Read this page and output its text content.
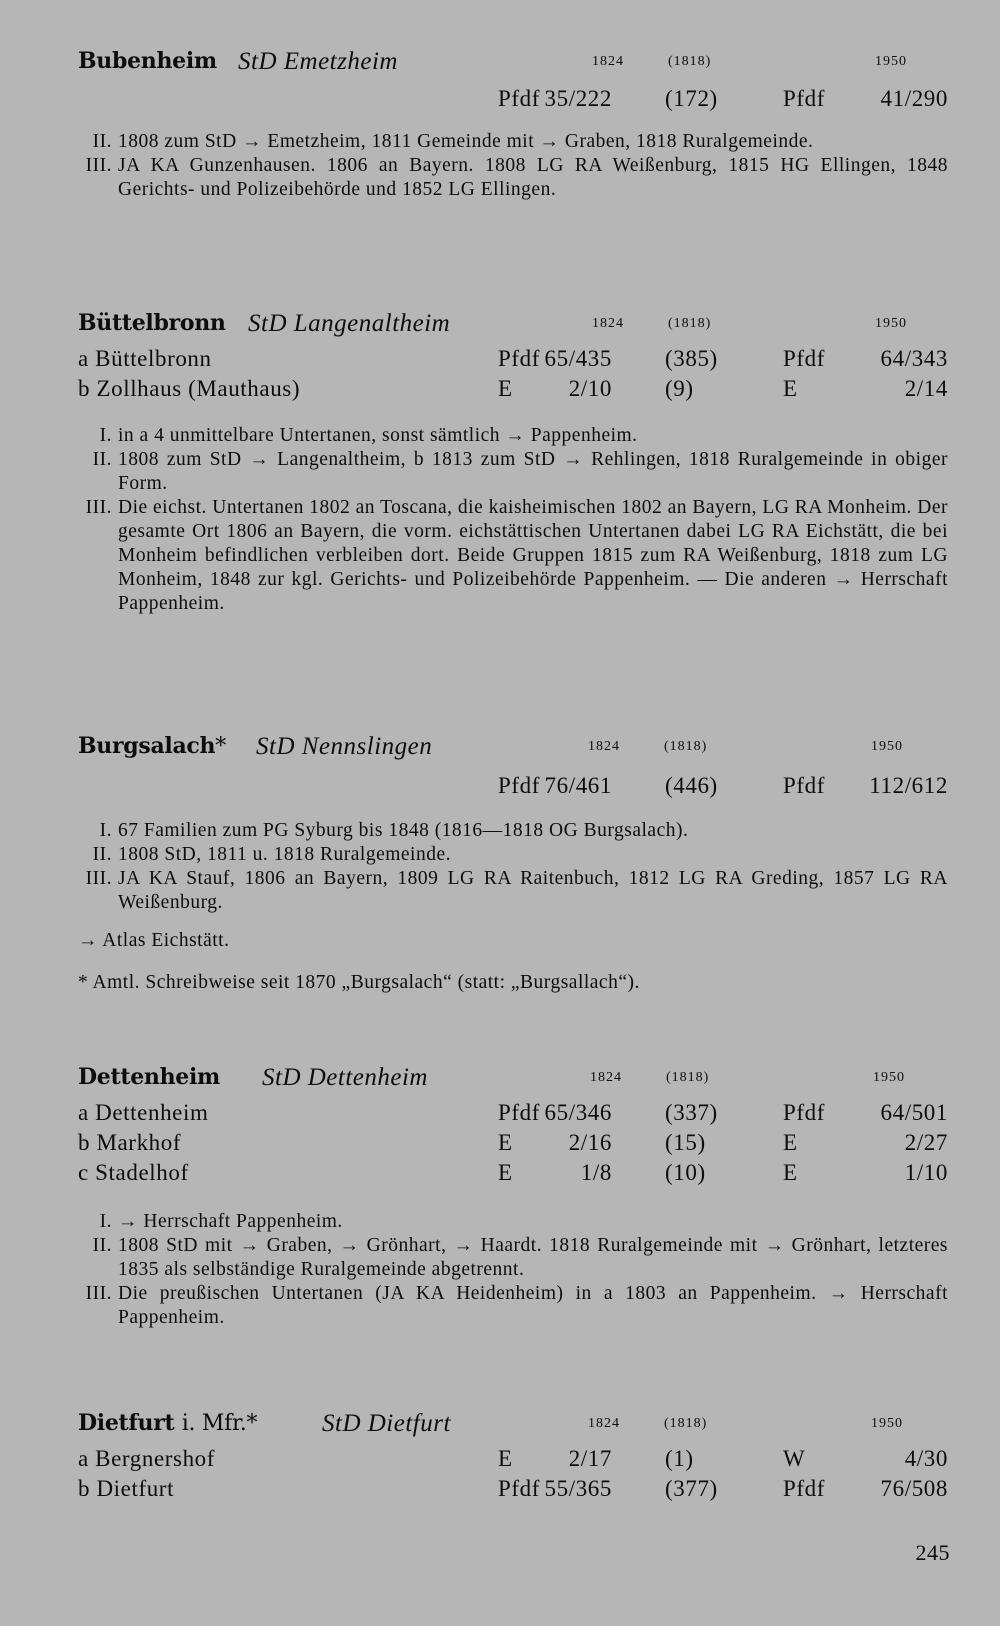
Bubenheim StD Emetzheim	1824	(1818)	1950
Pfdf 35/222 (172)	Pfdf 41/290
II. 1808 zum StD → Emetzheim, 1811 Gemeinde mit → Graben, 1818 Ruralgemeinde.
III. JA KA Gunzenhausen. 1806 an Bayern. 1808 LG RA Weißenburg, 1815 HG Ellingen, 1848 Gerichts- und Polizeibehörde und 1852 LG Ellingen.
Büttelbronn StD Langenaltheim	1824	(1818)	1950
a Büttelbronn	Pfdf 65/435 (385)	Pfdf 64/343
b Zollhaus (Mauthaus)	E 2/10 (9)	E	2/14
I. in a 4 unmittelbare Untertanen, sonst sämtlich → Pappenheim.
II. 1808 zum StD → Langenaltheim, b 1813 zum StD → Rehlingen, 1818 Ruralgemeinde in obiger Form.
III. Die eichst. Untertanen 1802 an Toscana, die kaisheimischen 1802 an Bayern, LG RA Monheim. Der gesamte Ort 1806 an Bayern, die vorm. eichstättischen Untertanen dabei LG RA Eichstätt, die bei Monheim befindlichen verbleiben dort. Beide Gruppen 1815 zum RA Weißenburg, 1818 zum LG Monheim, 1848 zur kgl. Gerichts- und Polizeibehörde Pappenheim. — Die anderen → Herrschaft Pappenheim.
Burgsalach* StD Nennslingen	1824	(1818)	1950
Pfdf 76/461 (446)	Pfdf 112/612
I. 67 Familien zum PG Syburg bis 1848 (1816—1818 OG Burgsalach).
II. 1808 StD, 1811 u. 1818 Ruralgemeinde.
III. JA KA Stauf, 1806 an Bayern, 1809 LG RA Raitenbuch, 1812 LG RA Greding, 1857 LG RA Weißenburg.
→ Atlas Eichstätt.
* Amtl. Schreibweise seit 1870 „Burgsalach“ (statt: „Burgsallach“).
Dettenheim StD Dettenheim	1824	(1818)	1950
a Dettenheim	Pfdf 65/346 (337)	Pfdf 64/501
b Markhof	E 2/16 (15)	E	2/27
c Stadelhof	E	1/8 (10)	E	1/10
I. → Herrschaft Pappenheim.
II. 1808 StD mit → Graben, → Grönhart, → Haardt. 1818 Ruralgemeinde mit → Grönhart, letzteres 1835 als selbständige Ruralgemeinde abgetrennt.
III. Die preußischen Untertanen (JA KA Heidenheim) in a 1803 an Pappenheim. → Herrschaft Pappenheim.
Dietfurt i. Mfr.*	StD Dietfurt	1824	(1818)	1950
a Bergnershof	E 2/17 (1)	W	4/30
b Dietfurt	Pfdf 55/365 (377)	Pfdf 76/508
245
